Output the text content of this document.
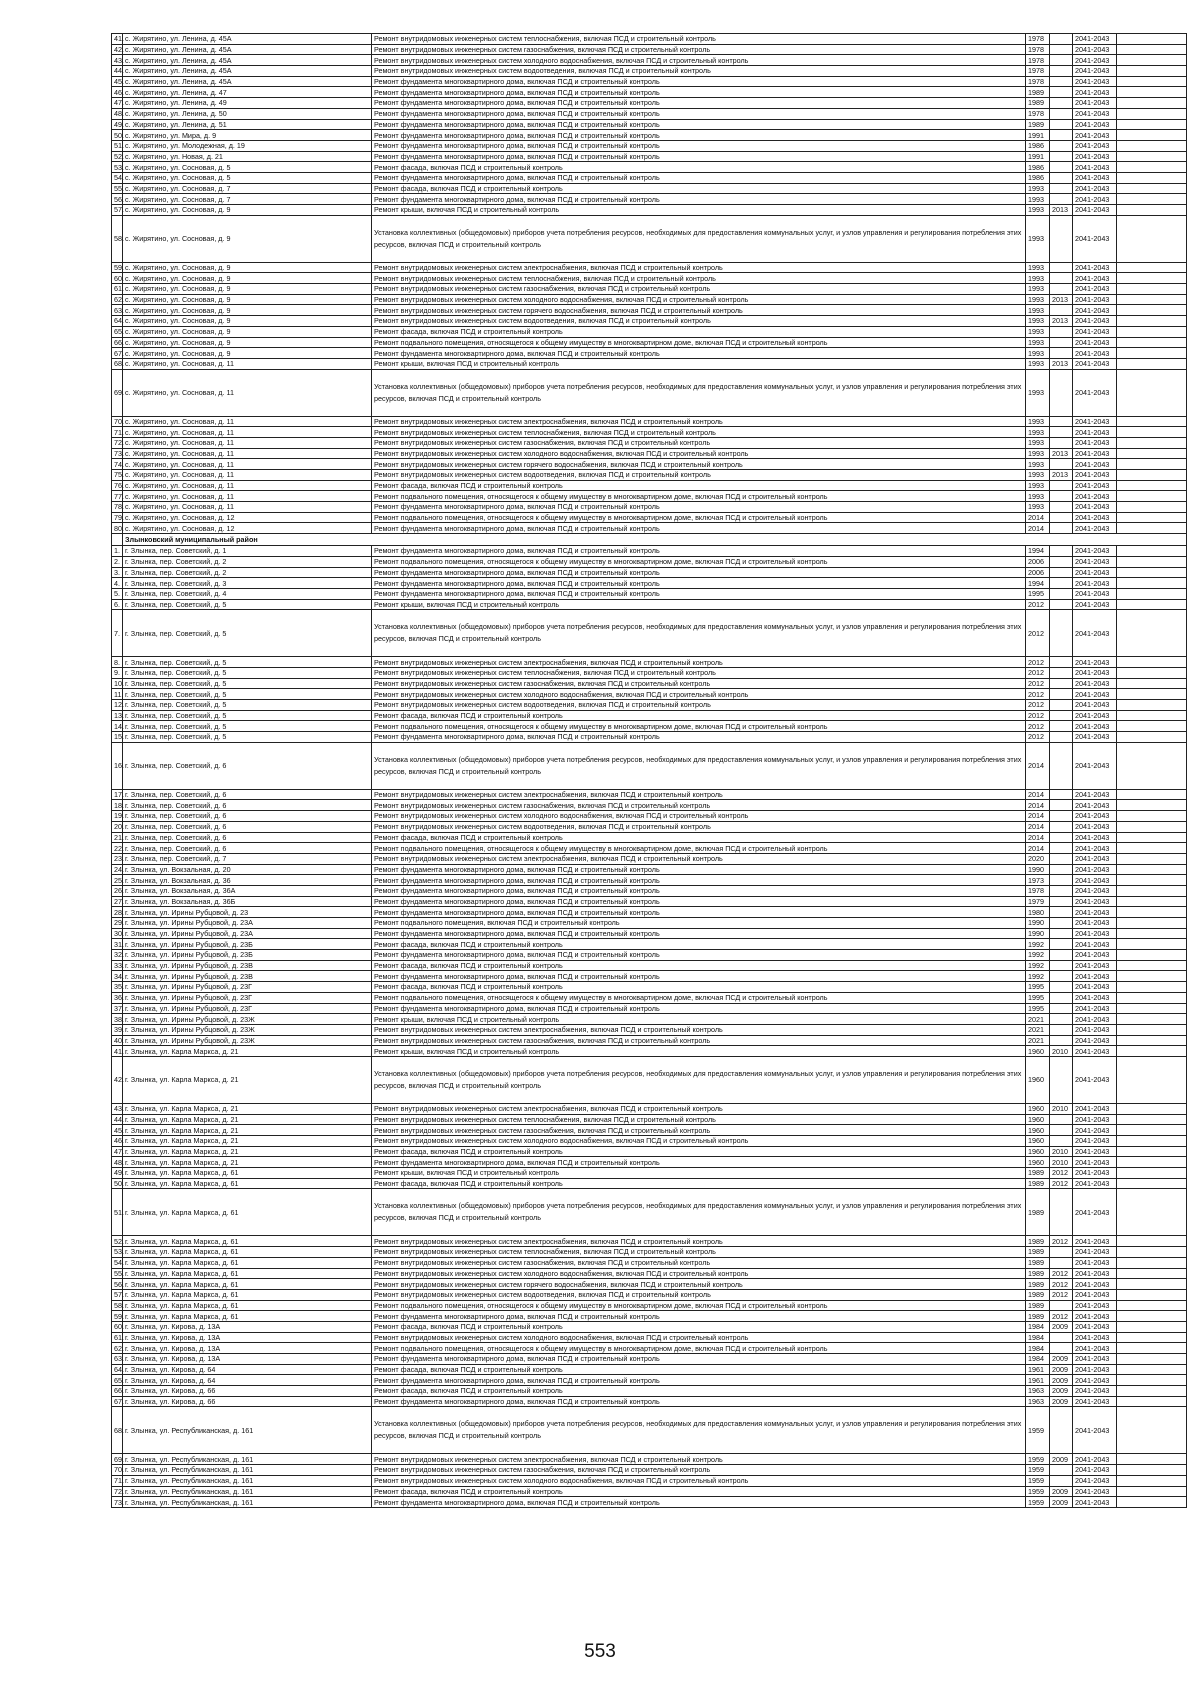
41.	с. Жирятино, ул. Ленина, д. 45А	Ремонт внутридомовых инженерных систем теплоснабжения, включая ПСД и строительный контроль	1978		2041-2043	
42.	с. Жирятино, ул. Ленина, д. 45А	Ремонт внутридомовых инженерных систем газоснабжения, включая ПСД и строительный контроль	1978		2041-2043	
43.	с. Жирятино, ул. Ленина, д. 45А	Ремонт внутридомовых инженерных систем холодного водоснабжения, включая ПСД и строительный контроль	1978		2041-2043	
44.	с. Жирятино, ул. Ленина, д. 45А	Ремонт внутридомовых инженерных систем водоотведения, включая ПСД и строительный контроль	1978		2041-2043	
45.	с. Жирятино, ул. Ленина, д. 45А	Ремонт фундамента многоквартирного дома, включая ПСД и строительный контроль	1978		2041-2043	
46.	с. Жирятино, ул. Ленина, д. 47	Ремонт фундамента многоквартирного дома, включая ПСД и строительный контроль	1989		2041-2043	
47.	с. Жирятино, ул. Ленина, д. 49	Ремонт фундамента многоквартирного дома, включая ПСД и строительный контроль	1989		2041-2043	
48.	с. Жирятино, ул. Ленина, д. 50	Ремонт фундамента многоквартирного дома, включая ПСД и строительный контроль	1978		2041-2043	
49.	с. Жирятино, ул. Ленина, д. 51	Ремонт фундамента многоквартирного дома, включая ПСД и строительный контроль	1989		2041-2043	
50.	с. Жирятино, ул. Мира, д. 9	Ремонт фундамента многоквартирного дома, включая ПСД и строительный контроль	1991		2041-2043	
51.	с. Жирятино, ул. Молодежная, д. 19	Ремонт фундамента многоквартирного дома, включая ПСД и строительный контроль	1986		2041-2043	
52.	с. Жирятино, ул. Новая, д. 21	Ремонт фундамента многоквартирного дома, включая ПСД и строительный контроль	1991		2041-2043	
53.	с. Жирятино, ул. Сосновая, д. 5	Ремонт фасада, включая ПСД и строительный контроль	1986		2041-2043	
54.	с. Жирятино, ул. Сосновая, д. 5	Ремонт фундамента многоквартирного дома, включая ПСД и строительный контроль	1986		2041-2043	
55.	с. Жирятино, ул. Сосновая, д. 7	Ремонт фасада, включая ПСД и строительный контроль	1993		2041-2043	
56.	с. Жирятино, ул. Сосновая, д. 7	Ремонт фундамента многоквартирного дома, включая ПСД и строительный контроль	1993		2041-2043	
57.	с. Жирятино, ул. Сосновая, д. 9	Ремонт крыши, включая ПСД и строительный контроль	1993	2013	2041-2043	
58.	с. Жирятино, ул. Сосновая, д. 9	Установка коллективных (общедомовых) приборов учета потребления ресурсов, необходимых для предоставления коммунальных услуг, и узлов управления и регулирования потребления этих ресурсов, включая ПСД и строительный контроль	1993		2041-2043	
59.	с. Жирятино, ул. Сосновая, д. 9	Ремонт внутридомовых инженерных систем электроснабжения, включая ПСД и строительный контроль	1993		2041-2043	
60.	с. Жирятино, ул. Сосновая, д. 9	Ремонт внутридомовых инженерных систем теплоснабжения, включая ПСД и строительный контроль	1993		2041-2043	
61.	с. Жирятино, ул. Сосновая, д. 9	Ремонт внутридомовых инженерных систем газоснабжения, включая ПСД и строительный контроль	1993		2041-2043	
62.	с. Жирятино, ул. Сосновая, д. 9	Ремонт внутридомовых инженерных систем холодного водоснабжения, включая ПСД и строительный контроль	1993	2013	2041-2043	
63.	с. Жирятино, ул. Сосновая, д. 9	Ремонт внутридомовых инженерных систем горячего водоснабжения, включая ПСД и строительный контроль	1993		2041-2043	
64.	с. Жирятино, ул. Сосновая, д. 9	Ремонт внутридомовых инженерных систем водоотведения, включая ПСД и строительный контроль	1993	2013	2041-2043	
65.	с. Жирятино, ул. Сосновая, д. 9	Ремонт фасада, включая ПСД и строительный контроль	1993		2041-2043	
66.	с. Жирятино, ул. Сосновая, д. 9	Ремонт подвального помещения, относящегося к общему имуществу в многоквартирном доме, включая ПСД и строительный контроль	1993		2041-2043	
67.	с. Жирятино, ул. Сосновая, д. 9	Ремонт фундамента многоквартирного дома, включая ПСД и строительный контроль	1993		2041-2043	
68.	с. Жирятино, ул. Сосновая, д. 11	Ремонт крыши, включая ПСД и строительный контроль	1993	2013	2041-2043	
69.	с. Жирятино, ул. Сосновая, д. 11	Установка коллективных (общедомовых) приборов учета потребления ресурсов, необходимых для предоставления коммунальных услуг, и узлов управления и регулирования потребления этих ресурсов, включая ПСД и строительный контроль	1993		2041-2043	
70.	с. Жирятино, ул. Сосновая, д. 11	Ремонт внутридомовых инженерных систем электроснабжения, включая ПСД и строительный контроль	1993		2041-2043	
71.	с. Жирятино, ул. Сосновая, д. 11	Ремонт внутридомовых инженерных систем теплоснабжения, включая ПСД и строительный контроль	1993		2041-2043	
72.	с. Жирятино, ул. Сосновая, д. 11	Ремонт внутридомовых инженерных систем газоснабжения, включая ПСД и строительный контроль	1993		2041-2043	
73.	с. Жирятино, ул. Сосновая, д. 11	Ремонт внутридомовых инженерных систем холодного водоснабжения, включая ПСД и строительный контроль	1993	2013	2041-2043	
74.	с. Жирятино, ул. Сосновая, д. 11	Ремонт внутридомовых инженерных систем горячего водоснабжения, включая ПСД и строительный контроль	1993		2041-2043	
75.	с. Жирятино, ул. Сосновая, д. 11	Ремонт внутридомовых инженерных систем водоотведения, включая ПСД и строительный контроль	1993	2013	2041-2043	
76.	с. Жирятино, ул. Сосновая, д. 11	Ремонт фасада, включая ПСД и строительный контроль	1993		2041-2043	
77.	с. Жирятино, ул. Сосновая, д. 11	Ремонт подвального помещения, относящегося к общему имуществу в многоквартирном доме, включая ПСД и строительный контроль	1993		2041-2043	
78.	с. Жирятино, ул. Сосновая, д. 11	Ремонт фундамента многоквартирного дома, включая ПСД и строительный контроль	1993		2041-2043	
79.	с. Жирятино, ул. Сосновая, д. 12	Ремонт подвального помещения, относящегося к общему имуществу в многоквартирном доме, включая ПСД и строительный контроль	2014		2041-2043	
80.	с. Жирятино, ул. Сосновая, д. 12	Ремонт фундамента многоквартирного дома, включая ПСД и строительный контроль	2014		2041-2043	
	Злынковский муниципальный район					
1.	г. Злынка, пер. Советский, д. 1	Ремонт фундамента многоквартирного дома, включая ПСД и строительный контроль	1994		2041-2043	
2.	г. Злынка, пер. Советский, д. 2	Ремонт подвального помещения, относящегося к общему имуществу в многоквартирном доме, включая ПСД и строительный контроль	2006		2041-2043	
3.	г. Злынка, пер. Советский, д. 2	Ремонт фундамента многоквартирного дома, включая ПСД и строительный контроль	2006		2041-2043	
4.	г. Злынка, пер. Советский, д. 3	Ремонт фундамента многоквартирного дома, включая ПСД и строительный контроль	1994		2041-2043	
5.	г. Злынка, пер. Советский, д. 4	Ремонт фундамента многоквартирного дома, включая ПСД и строительный контроль	1995		2041-2043	
6.	г. Злынка, пер. Советский, д. 5	Ремонт крыши, включая ПСД и строительный контроль	2012		2041-2043	
7.	г. Злынка, пер. Советский, д. 5	Установка коллективных (общедомовых) приборов учета потребления ресурсов, необходимых для предоставления коммунальных услуг, и узлов управления и регулирования потребления этих ресурсов, включая ПСД и строительный контроль	2012		2041-2043	
8.	г. Злынка, пер. Советский, д. 5	Ремонт внутридомовых инженерных систем электроснабжения, включая ПСД и строительный контроль	2012		2041-2043	
9.	г. Злынка, пер. Советский, д. 5	Ремонт внутридомовых инженерных систем теплоснабжения, включая ПСД и строительный контроль	2012		2041-2043	
10.	г. Злынка, пер. Советский, д. 5	Ремонт внутридомовых инженерных систем газоснабжения, включая ПСД и строительный контроль	2012		2041-2043	
11.	г. Злынка, пер. Советский, д. 5	Ремонт внутридомовых инженерных систем холодного водоснабжения, включая ПСД и строительный контроль	2012		2041-2043	
12.	г. Злынка, пер. Советский, д. 5	Ремонт внутридомовых инженерных систем водоотведения, включая ПСД и строительный контроль	2012		2041-2043	
13.	г. Злынка, пер. Советский, д. 5	Ремонт фасада, включая ПСД и строительный контроль	2012		2041-2043	
14.	г. Злынка, пер. Советский, д. 5	Ремонт подвального помещения, относящегося к общему имуществу в многоквартирном доме, включая ПСД и строительный контроль	2012		2041-2043	
15.	г. Злынка, пер. Советский, д. 5	Ремонт фундамента многоквартирного дома, включая ПСД и строительный контроль	2012		2041-2043	
16.	г. Злынка, пер. Советский, д. 6	Установка коллективных (общедомовых) приборов учета потребления ресурсов, необходимых для предоставления коммунальных услуг, и узлов управления и регулирования потребления этих ресурсов, включая ПСД и строительный контроль	2014		2041-2043	
17.	г. Злынка, пер. Советский, д. 6	Ремонт внутридомовых инженерных систем электроснабжения, включая ПСД и строительный контроль	2014		2041-2043	
18.	г. Злынка, пер. Советский, д. 6	Ремонт внутридомовых инженерных систем газоснабжения, включая ПСД и строительный контроль	2014		2041-2043	
19.	г. Злынка, пер. Советский, д. 6	Ремонт внутридомовых инженерных систем холодного водоснабжения, включая ПСД и строительный контроль	2014		2041-2043	
20.	г. Злынка, пер. Советский, д. 6	Ремонт внутридомовых инженерных систем водоотведения, включая ПСД и строительный контроль	2014		2041-2043	
21.	г. Злынка, пер. Советский, д. 6	Ремонт фасада, включая ПСД и строительный контроль	2014		2041-2043	
22.	г. Злынка, пер. Советский, д. 6	Ремонт подвального помещения, относящегося к общему имуществу в многоквартирном доме, включая ПСД и строительный контроль	2014		2041-2043	
23.	г. Злынка, пер. Советский, д. 7	Ремонт внутридомовых инженерных систем электроснабжения, включая ПСД и строительный контроль	2020		2041-2043	
24.	г. Злынка, ул. Вокзальная, д. 20	Ремонт фундамента многоквартирного дома, включая ПСД и строительный контроль	1990		2041-2043	
25.	г. Злынка, ул. Вокзальная, д. 36	Ремонт фундамента многоквартирного дома, включая ПСД и строительный контроль	1973		2041-2043	
26.	г. Злынка, ул. Вокзальная, д. 36А	Ремонт фундамента многоквартирного дома, включая ПСД и строительный контроль	1978		2041-2043	
27.	г. Злынка, ул. Вокзальная, д. 36Б	Ремонт фундамента многоквартирного дома, включая ПСД и строительный контроль	1979		2041-2043	
28.	г. Злынка, ул. Ирины Рубцовой, д. 23	Ремонт фундамента многоквартирного дома, включая ПСД и строительный контроль	1980		2041-2043	
29.	г. Злынка, ул. Ирины Рубцовой, д. 23А	Ремонт подвального помещения, включая ПСД и строительный контроль	1990		2041-2043	
30.	г. Злынка, ул. Ирины Рубцовой, д. 23А	Ремонт фундамента многоквартирного дома, включая ПСД и строительный контроль	1990		2041-2043	
31.	г. Злынка, ул. Ирины Рубцовой, д. 23Б	Ремонт фасада, включая ПСД и строительный контроль	1992		2041-2043	
32.	г. Злынка, ул. Ирины Рубцовой, д. 23Б	Ремонт фундамента многоквартирного дома, включая ПСД и строительный контроль	1992		2041-2043	
33.	г. Злынка, ул. Ирины Рубцовой, д. 23В	Ремонт фасада, включая ПСД и строительный контроль	1992		2041-2043	
34.	г. Злынка, ул. Ирины Рубцовой, д. 23В	Ремонт фундамента многоквартирного дома, включая ПСД и строительный контроль	1992		2041-2043	
35.	г. Злынка, ул. Ирины Рубцовой, д. 23Г	Ремонт фасада, включая ПСД и строительный контроль	1995		2041-2043	
36.	г. Злынка, ул. Ирины Рубцовой, д. 23Г	Ремонт подвального помещения, относящегося к общему имуществу в многоквартирном доме, включая ПСД и строительный контроль	1995		2041-2043	
37.	г. Злынка, ул. Ирины Рубцовой, д. 23Г	Ремонт фундамента многоквартирного дома, включая ПСД и строительный контроль	1995		2041-2043	
38.	г. Злынка, ул. Ирины Рубцовой, д. 23Ж	Ремонт крыши, включая ПСД и строительный контроль	2021		2041-2043	
39.	г. Злынка, ул. Ирины Рубцовой, д. 23Ж	Ремонт внутридомовых инженерных систем электроснабжения, включая ПСД и строительный контроль	2021		2041-2043	
40.	г. Злынка, ул. Ирины Рубцовой, д. 23Ж	Ремонт внутридомовых инженерных систем газоснабжения, включая ПСД и строительный контроль	2021		2041-2043	
41.	г. Злынка, ул. Карла Маркса, д. 21	Ремонт крыши, включая ПСД и строительный контроль	1960	2010	2041-2043	
42.	г. Злынка, ул. Карла Маркса, д. 21	Установка коллективных (общедомовых) приборов учета потребления ресурсов, необходимых для предоставления коммунальных услуг, и узлов управления и регулирования потребления этих ресурсов, включая ПСД и строительный контроль	1960		2041-2043	
43.	г. Злынка, ул. Карла Маркса, д. 21	Ремонт внутридомовых инженерных систем электроснабжения, включая ПСД и строительный контроль	1960	2010	2041-2043	
44.	г. Злынка, ул. Карла Маркса, д. 21	Ремонт внутридомовых инженерных систем теплоснабжения, включая ПСД и строительный контроль	1960		2041-2043	
45.	г. Злынка, ул. Карла Маркса, д. 21	Ремонт внутридомовых инженерных систем газоснабжения, включая ПСД и строительный контроль	1960		2041-2043	
46.	г. Злынка, ул. Карла Маркса, д. 21	Ремонт внутридомовых инженерных систем холодного водоснабжения, включая ПСД и строительный контроль	1960		2041-2043	
47.	г. Злынка, ул. Карла Маркса, д. 21	Ремонт фасада, включая ПСД и строительный контроль	1960	2010	2041-2043	
48.	г. Злынка, ул. Карла Маркса, д. 21	Ремонт фундамента многоквартирного дома, включая ПСД и строительный контроль	1960	2010	2041-2043	
49.	г. Злынка, ул. Карла Маркса, д. 61	Ремонт крыши, включая ПСД и строительный контроль	1989	2012	2041-2043	
50.	г. Злынка, ул. Карла Маркса, д. 61	Ремонт фасада, включая ПСД и строительный контроль	1989	2012	2041-2043	
51.	г. Злынка, ул. Карла Маркса, д. 61	Установка коллективных (общедомовых) приборов учета потребления ресурсов, необходимых для предоставления коммунальных услуг, и узлов управления и регулирования потребления этих ресурсов, включая ПСД и строительный контроль	1989		2041-2043	
52.	г. Злынка, ул. Карла Маркса, д. 61	Ремонт внутридомовых инженерных систем электроснабжения, включая ПСД и строительный контроль	1989	2012	2041-2043	
53.	г. Злынка, ул. Карла Маркса, д. 61	Ремонт внутридомовых инженерных систем теплоснабжения, включая ПСД и строительный контроль	1989		2041-2043	
54.	г. Злынка, ул. Карла Маркса, д. 61	Ремонт внутридомовых инженерных систем газоснабжения, включая ПСД и строительный контроль	1989		2041-2043	
55.	г. Злынка, ул. Карла Маркса, д. 61	Ремонт внутридомовых инженерных систем холодного водоснабжения, включая ПСД и строительный контроль	1989	2012	2041-2043	
56.	г. Злынка, ул. Карла Маркса, д. 61	Ремонт внутридомовых инженерных систем горячего водоснабжения, включая ПСД и строительный контроль	1989	2012	2041-2043	
57.	г. Злынка, ул. Карла Маркса, д. 61	Ремонт внутридомовых инженерных систем водоотведения, включая ПСД и строительный контроль	1989	2012	2041-2043	
58.	г. Злынка, ул. Карла Маркса, д. 61	Ремонт подвального помещения, относящегося к общему имуществу в многоквартирном доме, включая ПСД и строительный контроль	1989		2041-2043	
59.	г. Злынка, ул. Карла Маркса, д. 61	Ремонт фундамента многоквартирного дома, включая ПСД и строительный контроль	1989	2012	2041-2043	
60.	г. Злынка, ул. Кирова, д. 13А	Ремонт фасада, включая ПСД и строительный контроль	1984	2009	2041-2043	
61.	г. Злынка, ул. Кирова, д. 13А	Ремонт внутридомовых инженерных систем холодного водоснабжения, включая ПСД и строительный контроль	1984		2041-2043	
62.	г. Злынка, ул. Кирова, д. 13А	Ремонт подвального помещения, относящегося к общему имуществу в многоквартирном доме, включая ПСД и строительный контроль	1984		2041-2043	
63.	г. Злынка, ул. Кирова, д. 13А	Ремонт фундамента многоквартирного дома, включая ПСД и строительный контроль	1984	2009	2041-2043	
64.	г. Злынка, ул. Кирова, д. 64	Ремонт фасада, включая ПСД и строительный контроль	1961	2009	2041-2043	
65.	г. Злынка, ул. Кирова, д. 64	Ремонт фундамента многоквартирного дома, включая ПСД и строительный контроль	1961	2009	2041-2043	
66.	г. Злынка, ул. Кирова, д. 66	Ремонт фасада, включая ПСД и строительный контроль	1963	2009	2041-2043	
67.	г. Злынка, ул. Кирова, д. 66	Ремонт фундамента многоквартирного дома, включая ПСД и строительный контроль	1963	2009	2041-2043	
68.	г. Злынка, ул. Республиканская, д. 161	Установка коллективных (общедомовых) приборов учета потребления ресурсов, необходимых для предоставления коммунальных услуг, и узлов управления и регулирования потребления этих ресурсов, включая ПСД и строительный контроль	1959		2041-2043	
69.	г. Злынка, ул. Республиканская, д. 161	Ремонт внутридомовых инженерных систем электроснабжения, включая ПСД и строительный контроль	1959	2009	2041-2043	
70.	г. Злынка, ул. Республиканская, д. 161	Ремонт внутридомовых инженерных систем газоснабжения, включая ПСД и строительный контроль	1959		2041-2043	
71.	г. Злынка, ул. Республиканская, д. 161	Ремонт внутридомовых инженерных систем холодного водоснабжения, включая ПСД и строительный контроль	1959		2041-2043	
72.	г. Злынка, ул. Республиканская, д. 161	Ремонт фасада, включая ПСД и строительный контроль	1959	2009	2041-2043	
73.	г. Злынка, ул. Республиканская, д. 161	Ремонт фундамента многоквартирного дома, включая ПСД и строительный контроль	1959	2009	2041-2043	
553
